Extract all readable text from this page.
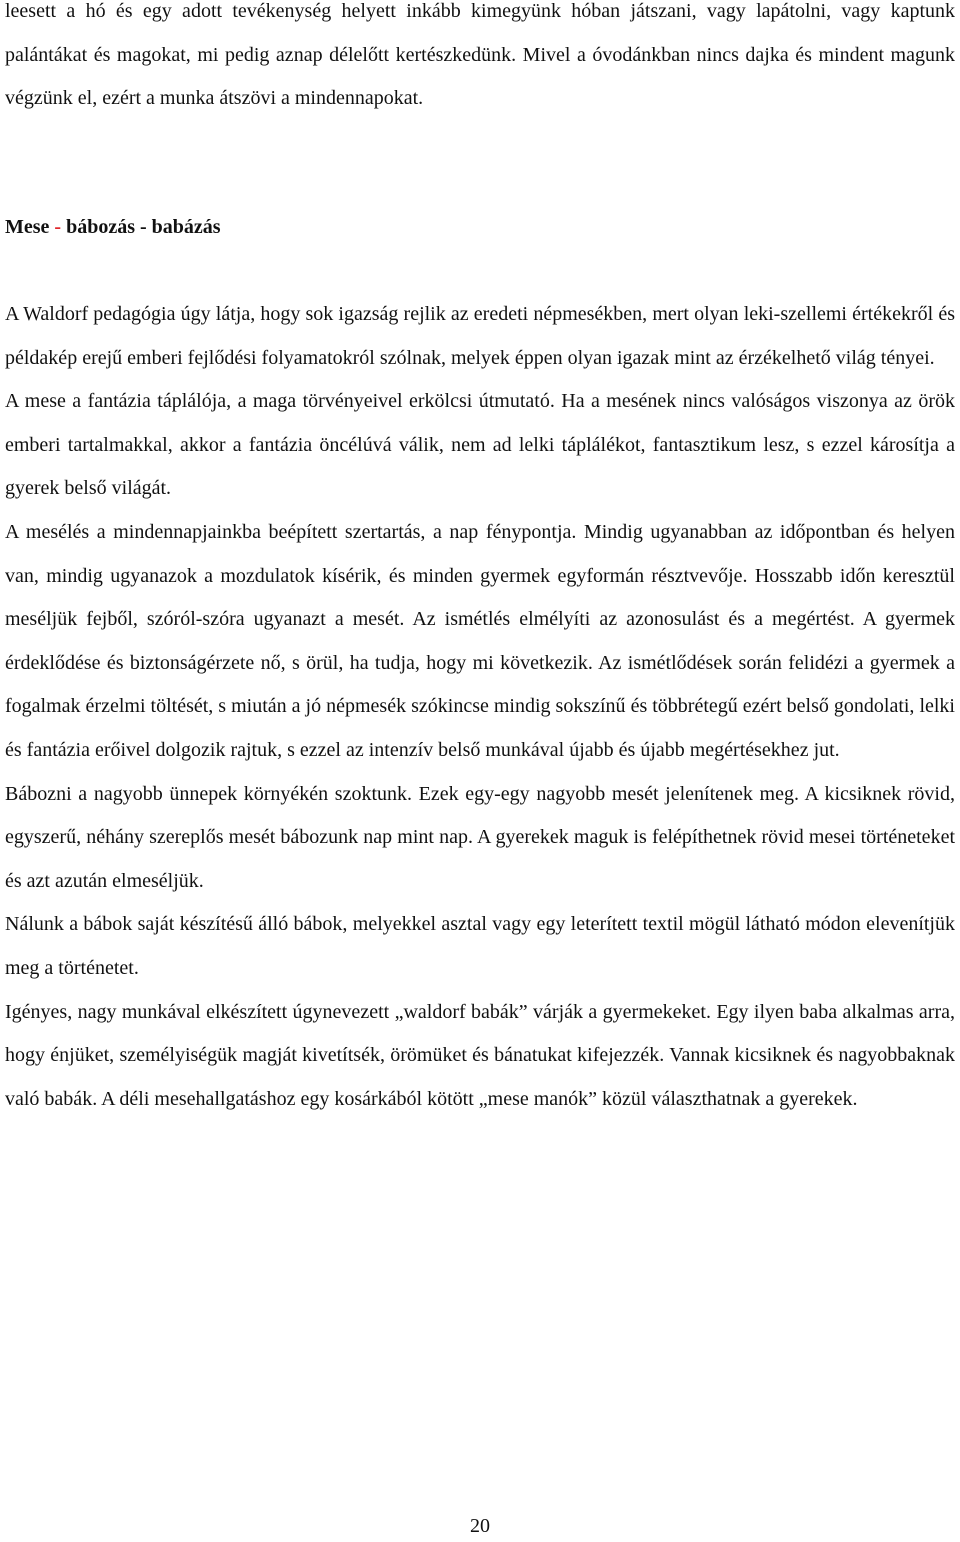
leesett a hó és egy adott tevékenység helyett inkább kimegyünk hóban játszani, vagy lapátolni, vagy kaptunk palántákat és magokat, mi pedig aznap délelőtt kertészkedünk. Mivel a óvodánkban nincs dajka és mindent magunk végzünk el, ezért a munka átszövi a mindennapokat.

Mese - bábozás - babázás

A Waldorf pedagógia úgy látja, hogy sok igazság rejlik az eredeti népmesékben, mert olyan leki-szellemi értékekről és példakép erejű emberi fejlődési folyamatokról szólnak, melyek éppen olyan igazak mint az érzékelhető világ tényei.

A mese a fantázia táplálója, a maga törvényeivel erkölcsi útmutató. Ha a mesének nincs valóságos viszonya az örök emberi tartalmakkal, akkor a fantázia öncélúvá válik, nem ad lelki táplálékot, fantasztikum lesz, s ezzel károsítja a gyerek belső világát.

A mesélés a mindennapjainkba beépített szertartás, a nap fénypontja. Mindig ugyanabban az időpontban és helyen van, mindig ugyanazok a mozdulatok kísérik, és minden gyermek egyformán résztvevője. Hosszabb időn keresztül meséljük fejből, szóról-szóra ugyanazt a mesét. Az ismétlés elmélyíti az azonosulást és a megértést. A gyermek érdeklődése és biztonságérzete nő, s örül, ha tudja, hogy mi következik. Az ismétlődések során felidézi a gyermek a fogalmak érzelmi töltését, s miután a jó népmesék szókincse mindig sokszínű és többrétegű ezért belső gondolati, lelki és fantázia erőivel dolgozik rajtuk, s ezzel az intenzív belső munkával újabb és újabb megértésekhez jut.

Bábozni a nagyobb ünnepek környékén szoktunk. Ezek egy-egy nagyobb mesét jelenítenek meg. A kicsiknek rövid, egyszerű, néhány szereplős mesét bábozunk nap mint nap. A gyerekek maguk is felépíthetnek rövid mesei történeteket és azt azután elmeséljük.

Nálunk a bábok saját készítésű álló bábok, melyekkel asztal vagy egy leterített textil mögül látható módon elevenítjük meg a történetet.

Igényes, nagy munkával elkészített úgynevezett „waldorf babák” várják a gyermekeket. Egy ilyen baba alkalmas arra, hogy énjüket, személyiségük magját kivetítsék, örömüket és bánatukat kifejezzék. Vannak kicsiknek és nagyobbaknak való babák. A déli mesehallgatáshoz egy kosárkából kötött „mese manók” közül választhatnak a gyerekek.

20
